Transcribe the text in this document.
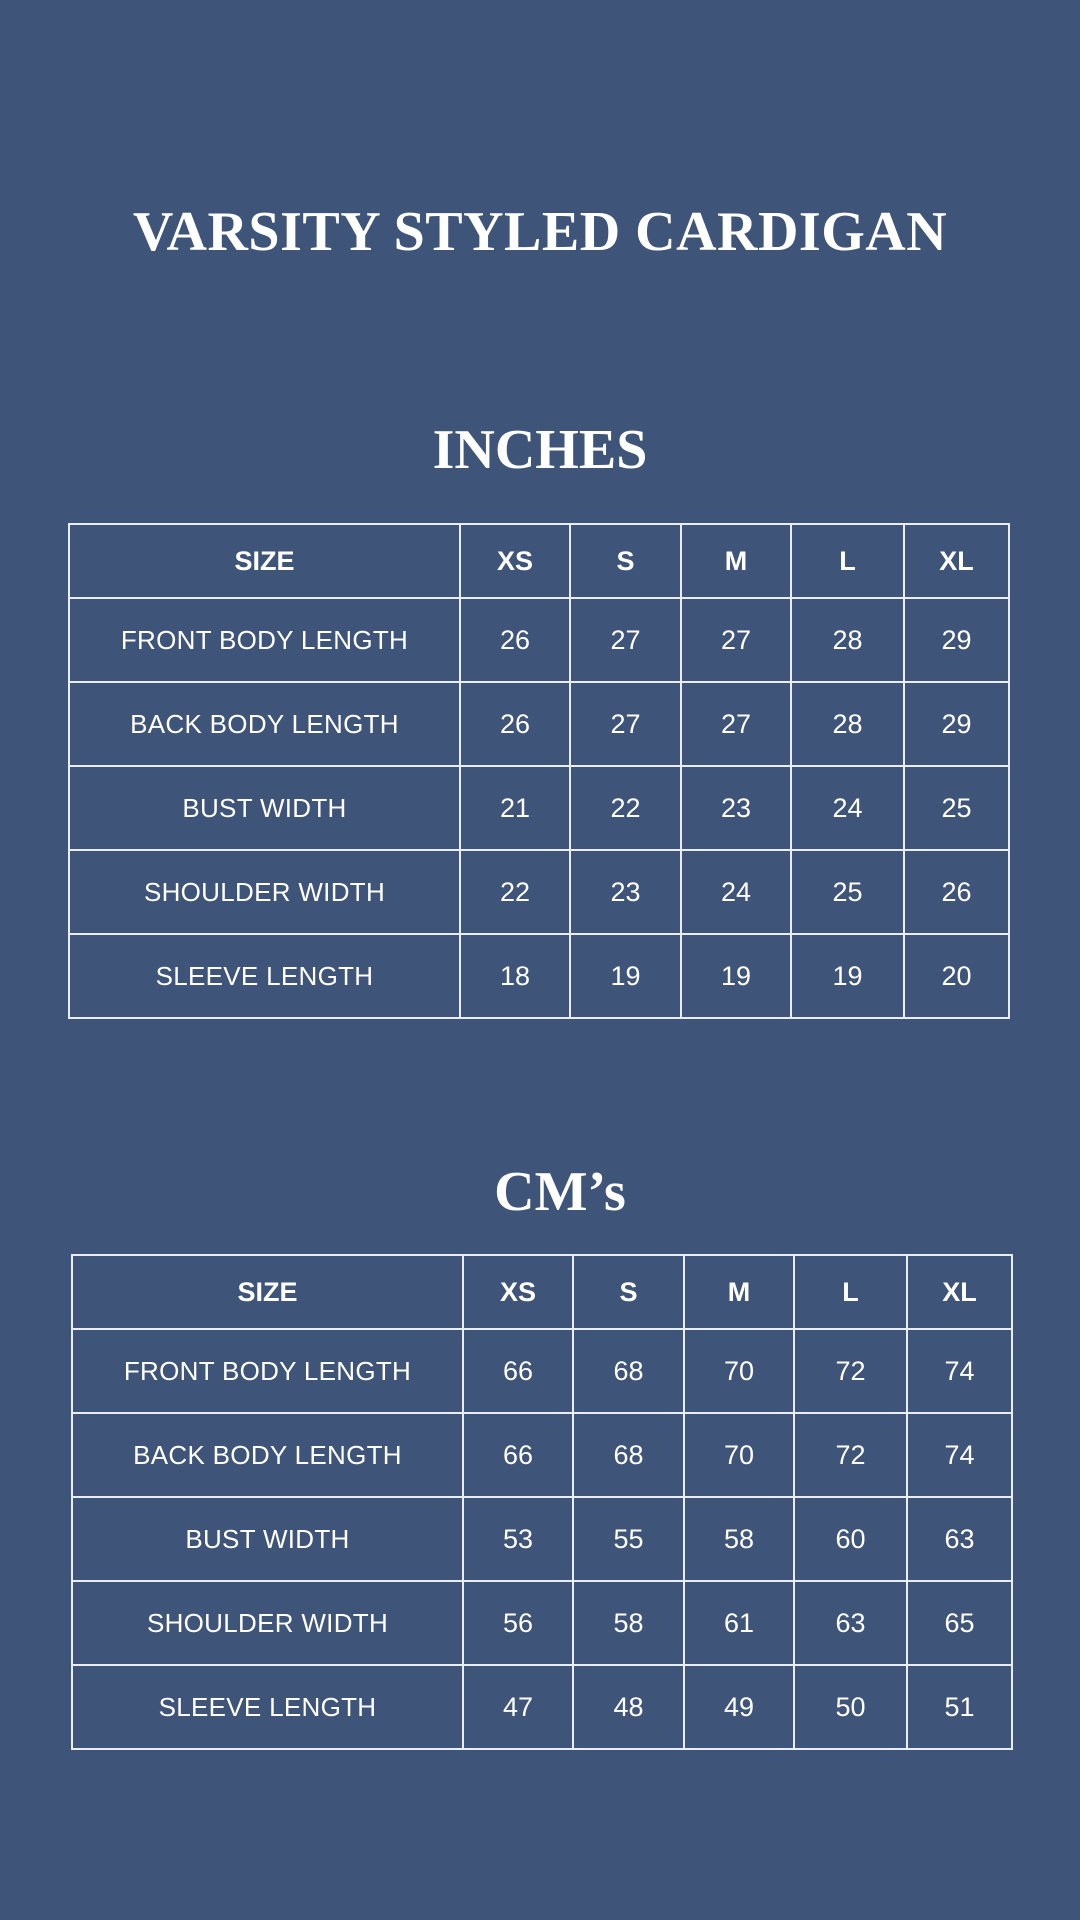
VARSITY STYLED CARDIGAN
INCHES
SIZE	XS	S	M	L	XL
FRONT BODY LENGTH	26	27	27	28	29
BACK BODY LENGTH	26	27	27	28	29
BUST WIDTH	21	22	23	24	25
SHOULDER WIDTH	22	23	24	25	26
SLEEVE LENGTH	18	19	19	19	20
CM’s
SIZE	XS	S	M	L	XL
FRONT BODY LENGTH	66	68	70	72	74
BACK BODY LENGTH	66	68	70	72	74
BUST WIDTH	53	55	58	60	63
SHOULDER WIDTH	56	58	61	63	65
SLEEVE LENGTH	47	48	49	50	51
